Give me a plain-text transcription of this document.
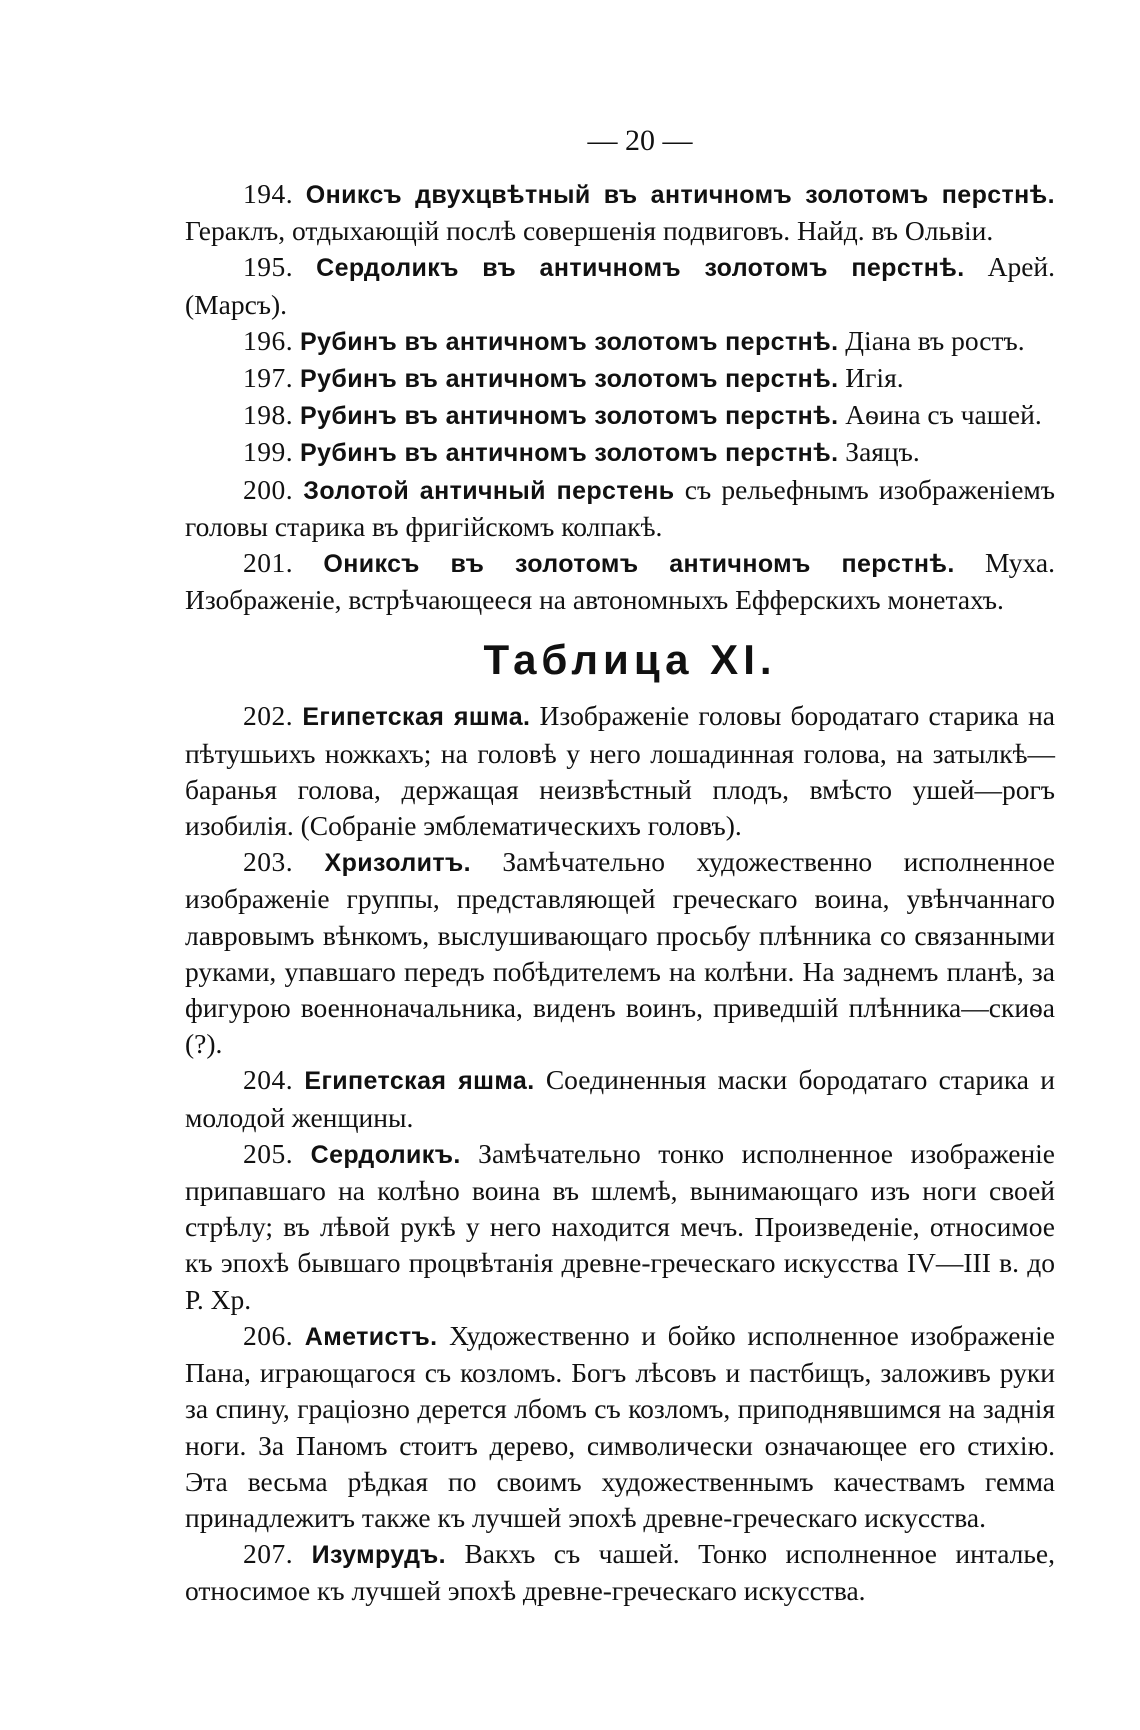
— 20 —

194. Ониксъ двухцвѣтный въ античномъ золотомъ перстнѣ. Гераклъ, отдыхающій послѣ совершенія подвиговъ. Найд. въ Ольвіи.

195. Сердоликъ въ античномъ золотомъ перстнѣ. Арей. (Марсъ).

196. Рубинъ въ античномъ золотомъ перстнѣ. Діана въ ростъ.

197. Рубинъ въ античномъ золотомъ перстнѣ. Игія.

198. Рубинъ въ античномъ золотомъ перстнѣ. Аѳина съ чашей.

199. Рубинъ въ античномъ золотомъ перстнѣ. Заяцъ.

200. Золотой античный перстень съ рельефнымъ изображеніемъ головы старика въ фригійскомъ колпакѣ.

201. Ониксъ въ золотомъ античномъ перстнѣ. Муха. Изображеніе, встрѣчающееся на автономныхъ Ефферскихъ монетахъ.

Таблица XI.

202. Египетская яшма. Изображеніе головы бородатаго старика на пѣтушьихъ ножкахъ; на головѣ у него лошадинная голова, на затылкѣ—баранья голова, держащая неизвѣстный плодъ, вмѣсто ушей—рогъ изобилія. (Собраніе эмблематическихъ головъ).

203. Хризолитъ. Замѣчательно художественно исполненное изображеніе группы, представляющей греческаго воина, увѣнчаннаго лавровымъ вѣнкомъ, выслушивающаго просьбу плѣнника со связанными руками, упавшаго передъ побѣдителемъ на колѣни. На заднемъ планѣ, за фигурою военноначальника, виденъ воинъ, приведшій плѣнника—скиѳа (?).

204. Египетская яшма. Соединенныя маски бородатаго старика и молодой женщины.

205. Сердоликъ. Замѣчательно тонко исполненное изображеніе припавшаго на колѣно воина въ шлемѣ, вынимающаго изъ ноги своей стрѣлу; въ лѣвой рукѣ у него находится мечъ. Произведеніе, относимое къ эпохѣ бывшаго процвѣтанія древне-греческаго искусства IV—III в. до Р. Хр.

206. Аметистъ. Художественно и бойко исполненное изображеніе Пана, играющагося съ козломъ. Богъ лѣсовъ и пастбищъ, заложивъ руки за спину, граціозно дерется лбомъ съ козломъ, приподнявшимся на заднія ноги. За Паномъ стоитъ дерево, символически означающее его стихію. Эта весьма рѣдкая по своимъ художественнымъ качествамъ гемма принадлежитъ также къ лучшей эпохѣ древне-греческаго искусства.

207. Изумрудъ. Вакхъ съ чашей. Тонко исполненное инталье, относимое къ лучшей эпохѣ древне-греческаго искусства.
